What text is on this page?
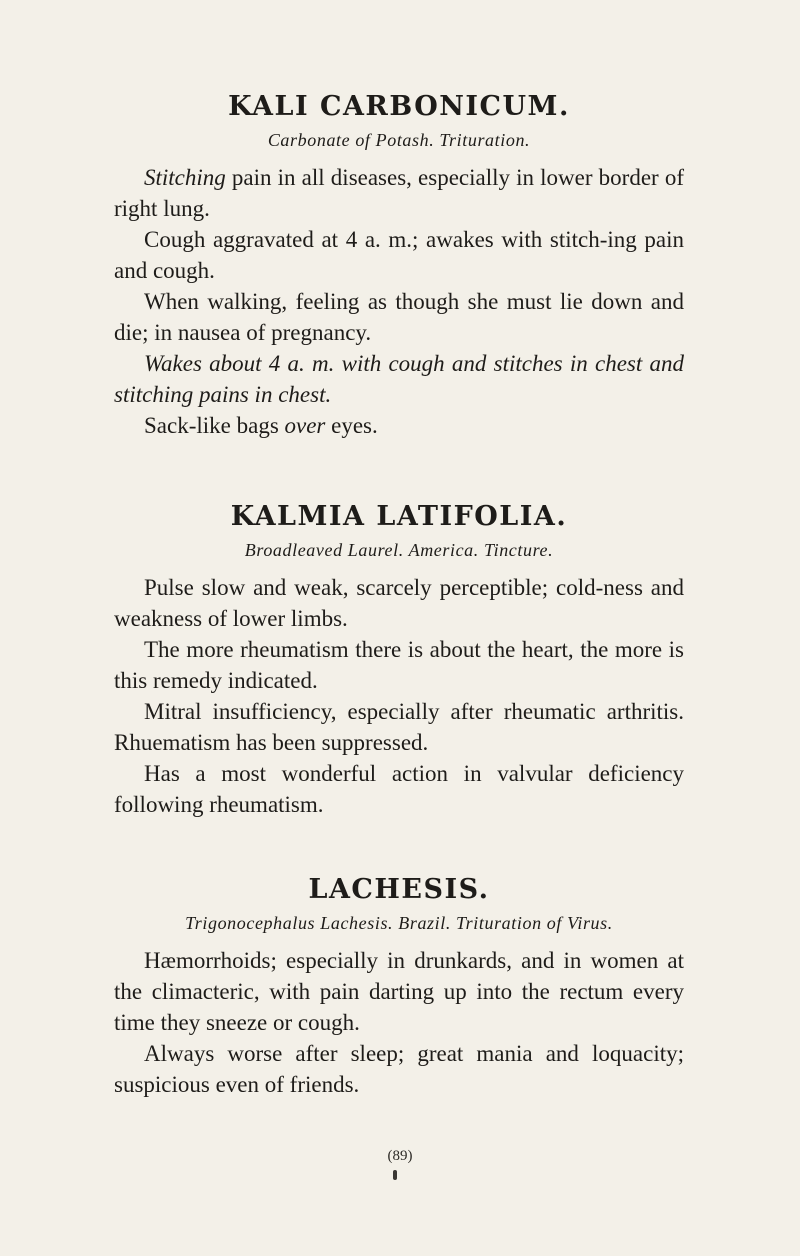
KALI CARBONICUM.

Carbonate of Potash. Trituration.

Stitching pain in all diseases, especially in lower border of right lung.

Cough aggravated at 4 a. m.; awakes with stitch-ing pain and cough.

When walking, feeling as though she must lie down and die; in nausea of pregnancy.

Wakes about 4 a. m. with cough and stitches in chest and stitching pains in chest.

Sack-like bags over eyes.

KALMIA LATIFOLIA.

Broadleaved Laurel. America. Tincture.

Pulse slow and weak, scarcely perceptible; cold-ness and weakness of lower limbs.

The more rheumatism there is about the heart, the more is this remedy indicated.

Mitral insufficiency, especially after rheumatic arthritis. Rhuematism has been suppressed.

Has a most wonderful action in valvular deficiency following rheumatism.

LACHESIS.

Trigonocephalus Lachesis. Brazil. Trituration of Virus.

Hæmorrhoids; especially in drunkards, and in women at the climacteric, with pain darting up into the rectum every time they sneeze or cough.

Always worse after sleep; great mania and loquacity; suspicious even of friends.

(89)
